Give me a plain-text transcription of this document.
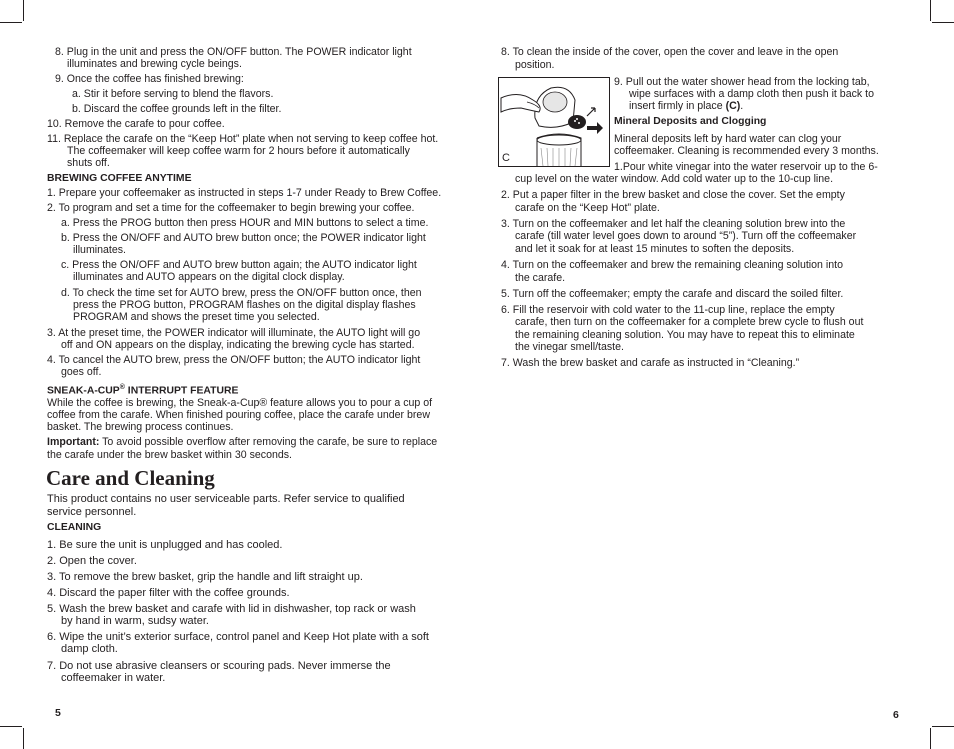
8. Plug in the unit and press the ON/OFF button. The POWER indicator light
illuminates and brewing cycle beings.
9. Once the coffee has finished brewing:
a. Stir it before serving to blend the flavors.
b. Discard the coffee grounds left in the filter.
10. Remove the carafe to pour coffee.
11. Replace the carafe on the “Keep Hot” plate when not serving to keep coffee hot.
The coffeemaker will keep coffee warm for 2 hours before it automatically
shuts off.
BREWING COFFEE ANYTIME
1. Prepare your coffeemaker as instructed in steps 1-7 under Ready to Brew Coffee.
2. To program and set a time for the coffeemaker to begin brewing your coffee.
a. Press the PROG button then press HOUR and MIN buttons to select a time.
b. Press the ON/OFF and AUTO brew button once; the POWER indicator light
illuminates.
c. Press the ON/OFF and AUTO brew button again; the AUTO indicator light
illuminates and AUTO appears on the digital clock display.
d. To check the time set for AUTO brew, press the ON/OFF button once, then
press the PROG button, PROGRAM flashes on the digital display flashes
PROGRAM and shows the preset time you selected.
3. At the preset time, the POWER indicator will illuminate, the AUTO light will go
off and ON appears on the display, indicating the brewing cycle has started.
4. To cancel the AUTO brew, press the ON/OFF button; the AUTO indicator light
goes off.
SNEAK-A-CUP® INTERRUPT FEATURE
While the coffee is brewing, the Sneak-a-Cup® feature allows you to pour a cup of
coffee from the carafe. When finished pouring coffee, place the carafe under brew
basket. The brewing process continues.
Important: To avoid possible overflow after removing the carafe, be sure to replace
the carafe under the brew basket within 30 seconds.
Care and Cleaning
This product contains no user serviceable parts. Refer service to qualified
service personnel.
CLEANING
1. Be sure the unit is unplugged and has cooled.
2. Open the cover.
3. To remove the brew basket, grip the handle and lift straight up.
4. Discard the paper filter with the coffee grounds.
5. Wash the brew basket and carafe with lid in dishwasher, top rack or wash
by hand in warm, sudsy water.
6. Wipe the unit’s exterior surface, control panel and Keep Hot plate with a soft
damp cloth.
7. Do not use abrasive cleansers or scouring pads. Never immerse the
coffeemaker in water.
5
8. To clean the inside of the cover, open the cover and leave in the open
position.
9. Pull out the water shower head from the locking tab,
wipe surfaces with a damp cloth then push it back to
insert firmly in place (C).
Mineral Deposits and Clogging
Mineral deposits left by hard water can clog your
coffeemaker. Cleaning is recommended every 3 months.
1.Pour white vinegar into the water reservoir up to the 6-
cup level on the water window. Add cold water up to the 10-cup line.
2. Put a paper filter in the brew basket and close the cover. Set the empty
carafe on the “Keep Hot” plate.
3. Turn on the coffeemaker and let half the cleaning solution brew into the
carafe (till water level goes down to around “5”). Turn off the coffeemaker
and let it soak for at least 15 minutes to soften the deposits.
4. Turn on the coffeemaker and brew the remaining cleaning solution into
the carafe.
5. Turn off the coffeemaker; empty the carafe and discard the soiled filter.
6. Fill the reservoir with cold water to the 11-cup line, replace the empty
carafe, then turn on the coffeemaker for a complete brew cycle to flush out
the remaining cleaning solution. You may have to repeat this to eliminate
the vinegar smell/taste.
7. Wash the brew basket and carafe as instructed in “Cleaning.”
C
6
